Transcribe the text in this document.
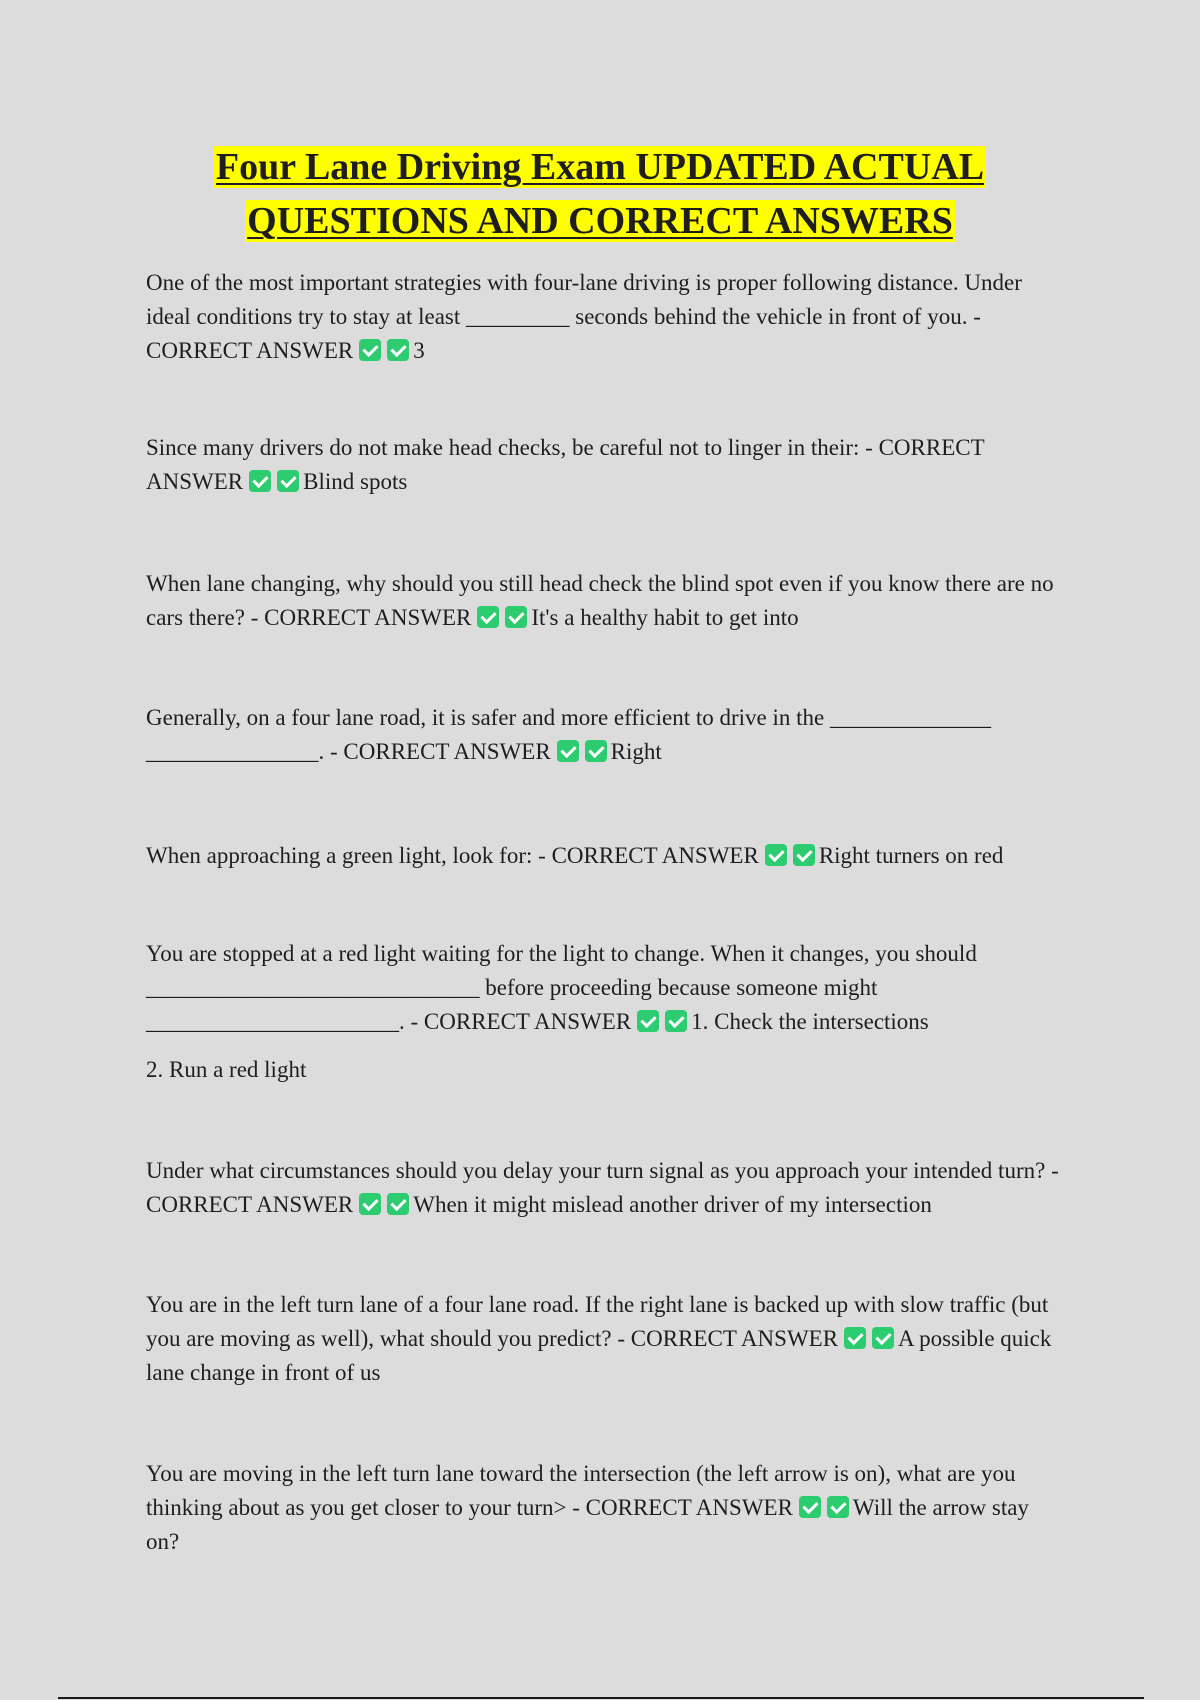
Four Lane Driving Exam UPDATED ACTUAL
QUESTIONS AND CORRECT ANSWERS

One of the most important strategies with four-lane driving is proper following distance. Under ideal conditions try to stay at least _________ seconds behind the vehicle in front of you. - CORRECT ANSWER	3

Since many drivers do not make head checks, be careful not to linger in their: - CORRECT ANSWER	Blind spots

When lane changing, why should you still head check the blind spot even if you know there are no cars there? - CORRECT ANSWER	It's a healthy habit to get into

Generally, on a four lane road, it is safer and more efficient to drive in the ______________ _______________. - CORRECT ANSWER	Right

When approaching a green light, look for: - CORRECT ANSWER	Right turners on red

You are stopped at a red light waiting for the light to change. When it changes, you should _____________________________ before proceeding because someone might ______________________. - CORRECT ANSWER	1. Check the intersections
2. Run a red light

Under what circumstances should you delay your turn signal as you approach your intended turn? - CORRECT ANSWER	When it might mislead another driver of my intersection

You are in the left turn lane of a four lane road. If the right lane is backed up with slow traffic (but you are moving as well), what should you predict? - CORRECT ANSWER	A possible quick lane change in front of us

You are moving in the left turn lane toward the intersection (the left arrow is on), what are you thinking about as you get closer to your turn> - CORRECT ANSWER	Will the arrow stay on?
